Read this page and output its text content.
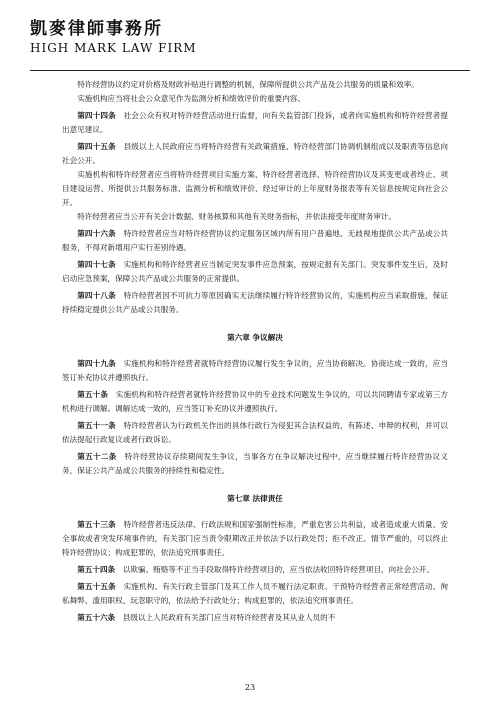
凱麥律師事務所
HIGH MARK LAW FIRM

特许经营协议约定对价格及财政补贴进行调整的机制，保障所提供公共产品及公共服务的质量和效率。

实施机构应当将社会公众意见作为监测分析和绩效评价的重要内容。

第四十四条　 社会公众有权对特许经营活动进行监督，向有关监管部门投诉，或者向实施机构和特许经营者提出意见建议。

第四十五条　 县级以上人民政府应当将特许经营有关政策措施、特许经营部门协调机制组成以及职责等信息向社会公开。

实施机构和特许经营者应当将特许经营项目实施方案、特许经营者选择、特许经营协议及其变更或者终止、项目建设运营、所提供公共服务标准、监测分析和绩效评价、经过审计的上年度财务报表等有关信息按规定向社会公开。

特许经营者应当公开有关会计数据、财务核算和其他有关财务指标，并依法接受年度财务审计。

第四十六条　 特许经营者应当对特许经营协议约定服务区域内所有用户普遍地、无歧视地提供公共产品或公共服务，不得对新增用户实行差别待遇。

第四十七条　 实施机构和特许经营者应当制定突发事件应急预案，按规定报有关部门。突发事件发生后，及时启动应急预案，保障公共产品或公共服务的正常提供。

第四十八条　 特许经营者因不可抗力等原因确实无法继续履行特许经营协议的，实施机构应当采取措施，保证持续稳定提供公共产品或公共服务。

第六章 争议解决

第四十九条　 实施机构和特许经营者就特许经营协议履行发生争议的，应当协商解决。协商达成一致的，应当签订补充协议并遵照执行。

第五十条　 实施机构和特许经营者就特许经营协议中的专业技术问题发生争议的，可以共同聘请专家或第三方机构进行调解。调解达成一致的，应当签订补充协议并遵照执行。

第五十一条　 特许经营者认为行政机关作出的具体行政行为侵犯其合法权益的，有陈述、申辩的权利，并可以依法提起行政复议或者行政诉讼。

第五十二条　 特许经营协议存续期间发生争议，当事各方在争议解决过程中，应当继续履行特许经营协议义务，保证公共产品或公共服务的持续性和稳定性。

第七章 法律责任

第五十三条　 特许经营者违反法律、行政法规和国家强制性标准，严重危害公共利益，或者造成重大质量、安全事故或者突发环境事件的，有关部门应当责令限期改正并依法予以行政处罚；拒不改正、情节严重的，可以终止特许经营协议；构成犯罪的，依法追究刑事责任。

第五十四条　 以欺骗、贿赂等不正当手段取得特许经营项目的，应当依法收回特许经营项目，向社会公开。

第五十五条　 实施机构、有关行政主管部门及其工作人员不履行法定职责、干预特许经营者正常经营活动、徇私舞弊、滥用职权、玩忽职守的，依法给予行政处分；构成犯罪的，依法追究刑事责任。

第五十六条　 县级以上人民政府有关部门应当对特许经营者及其从业人员的不

23
